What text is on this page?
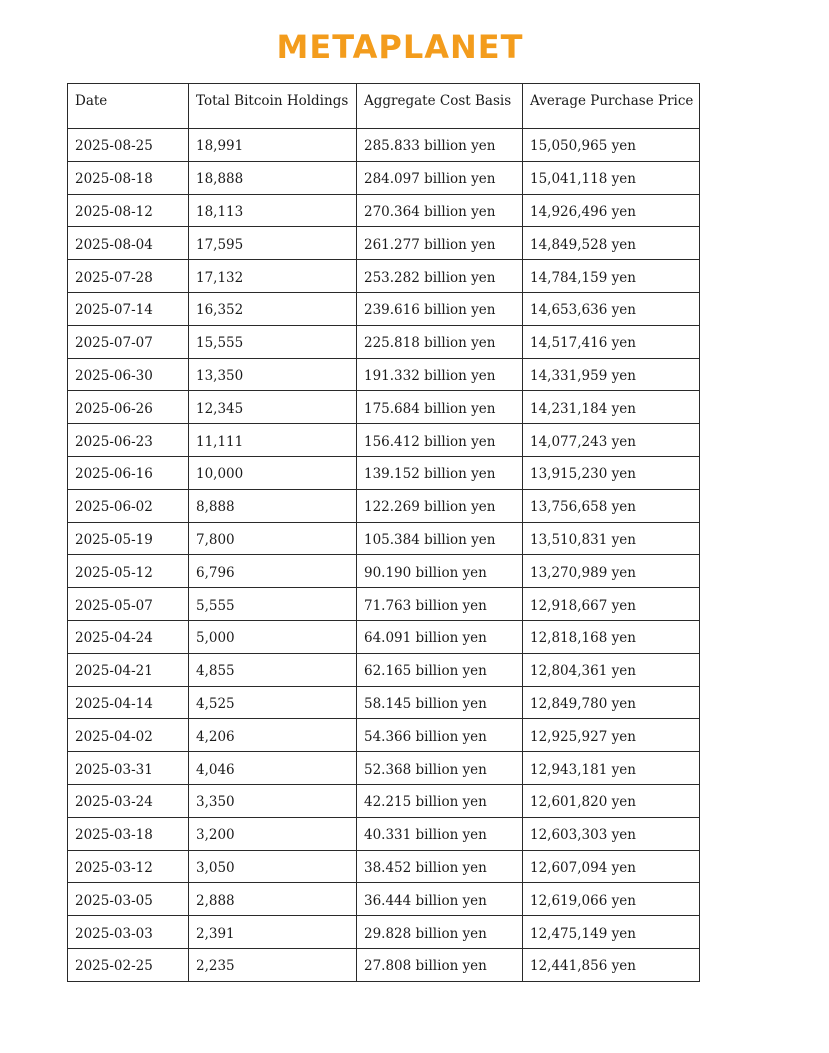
METAPLANET
Date	Total Bitcoin Holdings	Aggregate Cost Basis	Average Purchase Price
2025-08-25	18,991	285.833 billion yen	15,050,965 yen
2025-08-18	18,888	284.097 billion yen	15,041,118 yen
2025-08-12	18,113	270.364 billion yen	14,926,496 yen
2025-08-04	17,595	261.277 billion yen	14,849,528 yen
2025-07-28	17,132	253.282 billion yen	14,784,159 yen
2025-07-14	16,352	239.616 billion yen	14,653,636 yen
2025-07-07	15,555	225.818 billion yen	14,517,416 yen
2025-06-30	13,350	191.332 billion yen	14,331,959 yen
2025-06-26	12,345	175.684 billion yen	14,231,184 yen
2025-06-23	11,111	156.412 billion yen	14,077,243 yen
2025-06-16	10,000	139.152 billion yen	13,915,230 yen
2025-06-02	8,888	122.269 billion yen	13,756,658 yen
2025-05-19	7,800	105.384 billion yen	13,510,831 yen
2025-05-12	6,796	90.190 billion yen	13,270,989 yen
2025-05-07	5,555	71.763 billion yen	12,918,667 yen
2025-04-24	5,000	64.091 billion yen	12,818,168 yen
2025-04-21	4,855	62.165 billion yen	12,804,361 yen
2025-04-14	4,525	58.145 billion yen	12,849,780 yen
2025-04-02	4,206	54.366 billion yen	12,925,927 yen
2025-03-31	4,046	52.368 billion yen	12,943,181 yen
2025-03-24	3,350	42.215 billion yen	12,601,820 yen
2025-03-18	3,200	40.331 billion yen	12,603,303 yen
2025-03-12	3,050	38.452 billion yen	12,607,094 yen
2025-03-05	2,888	36.444 billion yen	12,619,066 yen
2025-03-03	2,391	29.828 billion yen	12,475,149 yen
2025-02-25	2,235	27.808 billion yen	12,441,856 yen
